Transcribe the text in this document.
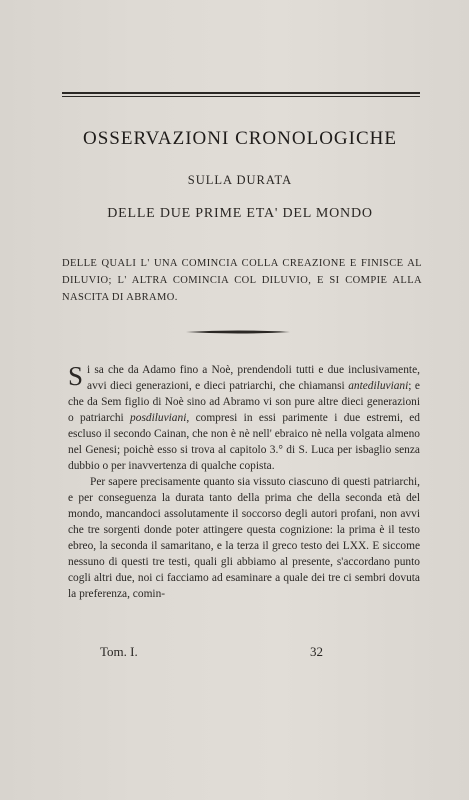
OSSERVAZIONI CRONOLOGICHE
SULLA DURATA
DELLE DUE PRIME ETA' DEL MONDO
DELLE QUALI L' UNA COMINCIA COLLA CREAZIONE E FINISCE AL DILUVIO; L' ALTRA COMINCIA COL DILUVIO, E SI COMPIE ALLA NASCITA DI ABRAMO.

Si sa che da Adamo fino a Noè, prendendoli tutti e due inclusivamente, avvi dieci generazioni, e dieci patriarchi, che chiamansi antediluviani; e che da Sem figlio di Noè sino ad Abramo vi son pure altre dieci generazioni o patriarchi posdiluviani, compresi in essi parimente i due estremi, ed escluso il secondo Cainan, che non è nè nell' ebraico nè nella volgata almeno nel Genesi; poichè esso si trova al capitolo 3.° di S. Luca per isbaglio senza dubbio o per inavvertenza di qualche copista.

Per sapere precisamente quanto sia vissuto ciascuno di questi patriarchi, e per conseguenza la durata tanto della prima che della seconda età del mondo, mancandoci assolutamente il soccorso degli autori profani, non avvi che tre sorgenti donde poter attingere questa cognizione: la prima è il testo ebreo, la seconda il samaritano, e la terza il greco testo dei LXX. E siccome nessuno di questi tre testi, quali gli abbiamo al presente, s'accordano punto cogli altri due, noi ci facciamo ad esaminare a quale dei tre ci sembri dovuta la preferenza, comin-

Tom. I.	32
